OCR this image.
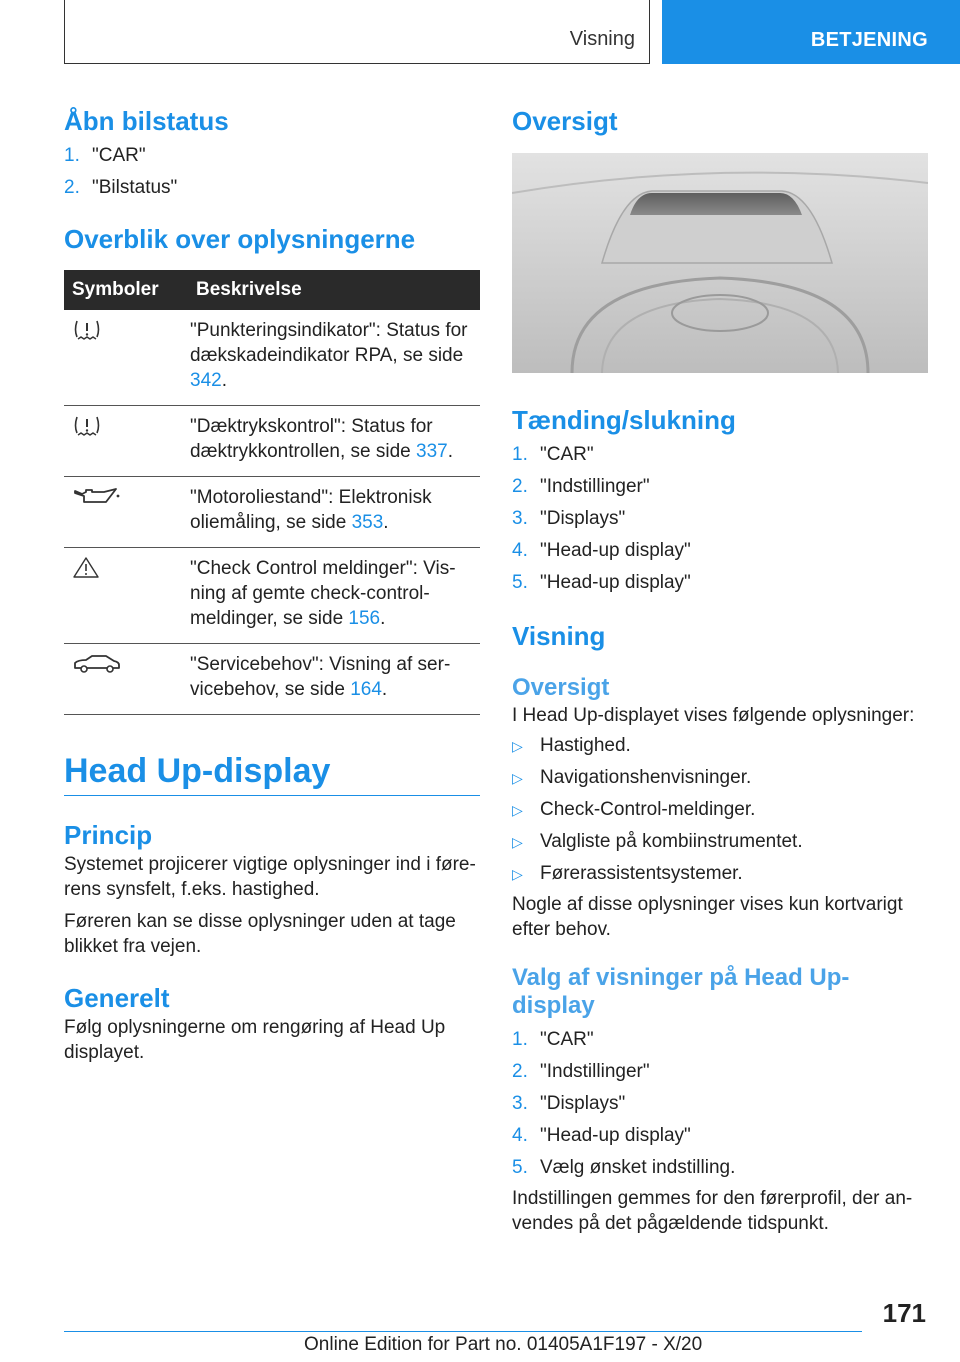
Visning	BETJENING
Åbn bilstatus
1. "CAR"
2. "Bilstatus"
Overblik over oplysningerne
Symboler	Beskrivelse
	"Punkteringsindikator": Status for dækskadeindikator RPA, se side 342.
	"Dæktrykskontrol": Status for dæktrykkontrollen, se side 337.
	"Motoroliestand": Elektronisk oliemåling, se side 353.
	"Check Control meldinger": Vis-ning af gemte check-control-meldinger, se side 156.
	"Servicebehov": Visning af ser-vicebehov, se side 164.
Head Up-display
Princip

Systemet projicerer vigtige oplysninger ind i føre-rens synsfelt, f.eks. hastighed.

Føreren kan se disse oplysninger uden at tage blikket fra vejen.

Generelt

Følg oplysningerne om rengøring af Head Up displayet.

Oversigt
Tænding/slukning
1. "CAR"
2. "Indstillinger"
3. "Displays"
4. "Head-up display"
5. "Head-up display"
Visning
Oversigt

I Head Up-displayet vises følgende oplysninger:

▷ Hastighed.
▷ Navigationshenvisninger.
▷ Check-Control-meldinger.
▷ Valgliste på kombiinstrumentet.
▷ Førerassistentsystemer.

Nogle af disse oplysninger vises kun kortvarigt efter behov.

Valg af visninger på Head Up-display
1. "CAR"
2. "Indstillinger"
3. "Displays"
4. "Head-up display"
5. Vælg ønsket indstilling.

Indstillingen gemmes for den førerprofil, der an-vendes på det pågældende tidspunkt.

171
Online Edition for Part no. 01405A1F197 - X/20
